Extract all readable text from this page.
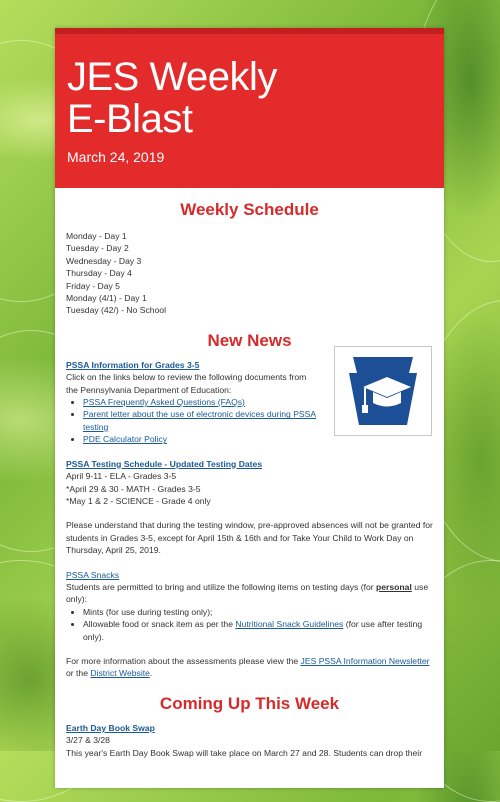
JES Weekly
E-Blast
March 24, 2019
Weekly Schedule
Monday - Day 1
Tuesday - Day 2
Wednesday - Day 3
Thursday - Day 4
Friday - Day 5
Monday (4/1) - Day 1
Tuesday (42/) - No School
New News
PSSA Information for Grades 3-5
Click on the links below to review the following documents from the Pennsylvania Department of Education:
• PSSA Frequently Asked Questions (FAQs)
• Parent letter about the use of electronic devices during PSSA testing
• PDE Calculator Policy
PSSA Testing Schedule - Updated Testing Dates
April 9-11 - ELA - Grades 3-5
*April 29 & 30 - MATH - Grades 3-5
*May 1 & 2 - SCIENCE - Grade 4 only
Please understand that during the testing window, pre-approved absences will not be granted for students in Grades 3-5, except for April 15th & 16th and for Take Your Child to Work Day on Thursday, April 25, 2019.
PSSA Snacks
Students are permitted to bring and utilize the following items on testing days (for personal use only):
• Mints (for use during testing only);
• Allowable food or snack item as per the Nutritional Snack Guidelines (for use after testing only).
For more information about the assessments please view the JES PSSA Information Newsletter or the District Website.
Coming Up This Week
Earth Day Book Swap
3/27 & 3/28
This year's Earth Day Book Swap will take place on March 27 and 28. Students can drop their
